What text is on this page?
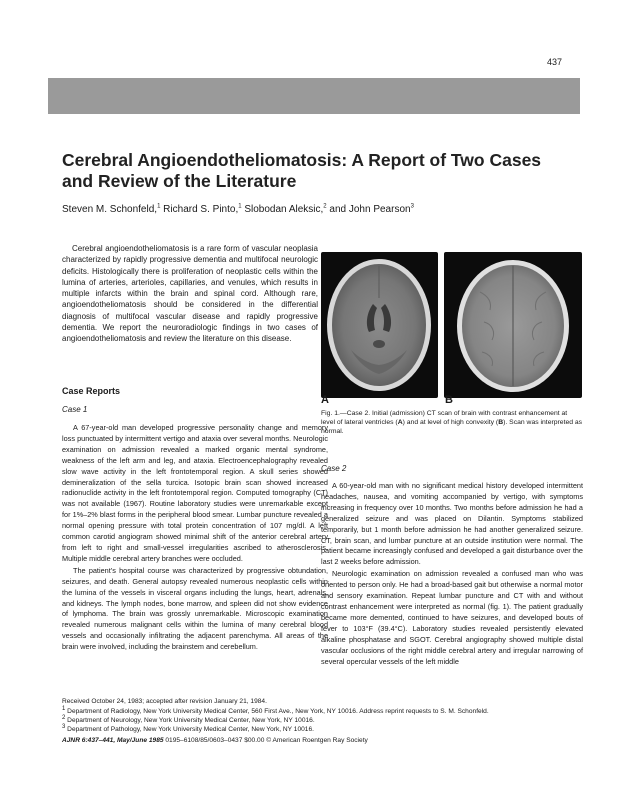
437
Cerebral Angioendotheliomatosis: A Report of Two Cases
and Review of the Literature
Steven M. Schonfeld,$^1$ Richard S. Pinto,$^1$ Slobodan Aleksic,$^2$ and John Pearson$^3$

Cerebral angioendotheliomatosis is a rare form of vascular neoplasia characterized by rapidly progressive dementia and multifocal neurologic deficits. Histologically there is proliferation of neoplastic cells within the lumina of arteries, arterioles, capillaries, and venules, which results in multiple infarcts within the brain and spinal cord. Although rare, angioendotheliomatosis should be considered in the differential diagnosis of multifocal vascular disease and rapidly progressive dementia. We report the neuroradiologic findings in two cases of angioendotheliomatosis and review the literature on this disease.

Case Reports
Case 1

A 67-year-old man developed progressive personality change and memory loss punctuated by intermittent vertigo and ataxia over several months. Neurologic examination on admission revealed a marked organic mental syndrome, weakness of the left arm and leg, and ataxia. Electroencephalography revealed slow wave activity in the left frontotemporal region. A skull series showed demineralization of the sella turcica. Isotopic brain scan showed increased radionuclide activity in the left frontotemporal region. Computed tomography (CT) was not available (1967). Routine laboratory studies were unremarkable except for 1%–2% blast forms in the peripheral blood smear. Lumbar puncture revealed a normal opening pressure with total protein concentration of 107 mg/dl. A left common carotid angiogram showed minimal shift of the anterior cerebral artery from left to right and small-vessel irregularities ascribed to atherosclerosis. Multiple middle cerebral artery branches were occluded.

The patient’s hospital course was characterized by progressive obtundation, seizures, and death. General autopsy revealed numerous neoplastic cells within the lumina of the vessels in visceral organs including the lungs, heart, adrenals, and kidneys. The lymph nodes, bone marrow, and spleen did not show evidence of lymphoma. The brain was grossly unremarkable. Microscopic examination revealed numerous malignant cells within the lumina of many cerebral blood vessels and occasionally infiltrating the adjacent parenchyma. All areas of the brain were involved, including the brainstem and cerebellum.

A	B
Fig. 1.—Case 2. Initial (admission) CT scan of brain with contrast enhancement at level of lateral ventricles (A) and at level of high convexity (B). Scan was interpreted as normal.
Case 2

A 60-year-old man with no significant medical history developed intermittent headaches, nausea, and vomiting accompanied by vertigo, with symptoms increasing in frequency over 10 months. Two months before admission he had a generalized seizure and was placed on Dilantin. Symptoms stabilized temporarily, but 1 month before admission he had another generalized seizure. CT, brain scan, and lumbar puncture at an outside institution were normal. The patient became increasingly confused and developed a gait disturbance over the last 2 weeks before admission.

Neurologic examination on admission revealed a confused man who was oriented to person only. He had a broad-based gait but otherwise a normal motor and sensory examination. Repeat lumbar puncture and CT with and without contrast enhancement were interpreted as normal (fig. 1). The patient gradually became more demented, continued to have seizures, and developed bouts of fever to 103°F (39.4°C). Laboratory studies revealed persistently elevated alkaline phosphatase and SGOT. Cerebral angiography showed multiple distal vascular occlusions of the right middle cerebral artery and irregular narrowing of several opercular vessels of the left middle

Received October 24, 1983; accepted after revision January 21, 1984.
$^1$ Department of Radiology, New York University Medical Center, 560 First Ave., New York, NY 10016. Address reprint requests to S. M. Schonfeld.
$^2$ Department of Neurology, New York University Medical Center, New York, NY 10016.
$^3$ Department of Pathology, New York University Medical Center, New York, NY 10016.
AJNR 6:437–441, May/June 1985 0195–6108/85/0603–0437 $00.00 © American Roentgen Ray Society
